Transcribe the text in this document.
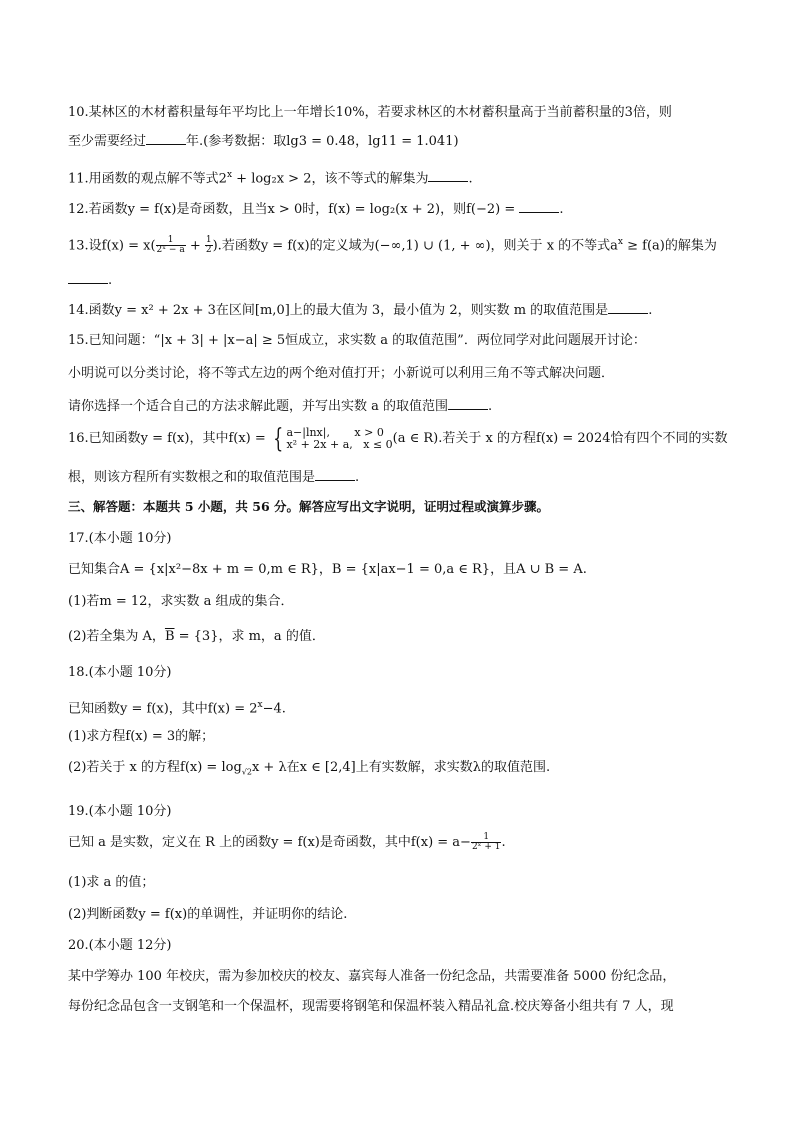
10.某林区的木材蓄积量每年平均比上一年增长10%，若要求林区的木材蓄积量高于当前蓄积量的3倍，则
至少需要经过	年.(参考数据：取lg3 = 0.48，lg11 = 1.041)
11.用函数的观点解不等式$2^x + \log_2x > 2$，该不等式的解集为	.
12.若函数y = f(x)是奇函数，且当x > 0时，f(x) = log₂(x + 2)，则f(−2) =	.
13.设$f(x) = x( \frac{1}{\text{2ˣ − a}} + \frac{1}{2}$ ).若函数y = f(x)的定义域为(−∞,1) ∪ (1, + ∞)，则关于 x 的不等式$a^x \ge f(a)$的解集为
.
14.函数y = x² + 2x + 3在区间[m,0]上的最大值为 3，最小值为 2，则实数 m 的取值范围是	.
15.已知问题：“|x + 3| + |x−a| ≥ 5恒成立，求实数 a 的取值范围”．两位同学对此问题展开讨论：
小明说可以分类讨论，将不等式左边的两个绝对值打开；小新说可以利用三角不等式解决问题．
请你选择一个适合自己的方法求解此题，并写出实数 a 的取值范围	.
16.已知函数y = f(x)，其中f(x) = { a−|lnx|,       x > 0
x² + 2x + a,   x ≤ 0 (a ∈ R).若关于 x 的方程f(x) = 2024恰有四个不同的实数
根，则该方程所有实数根之和的取值范围是	.
三、解答题：本题共 5 小题，共 56 分。解答应写出文字说明，证明过程或演算步骤。
17.(本小题 10分)
已知集合A = {x|x²−8x + m = 0,m ∈ R}，B = {x|ax−1 = 0,a ∈ R}，且A ∪ B = A.
(1)若m = 12，求实数 a 组成的集合．
(2)若全集为 A，$\overline{B} = \{3\}$，求 m，a 的值．
18.(本小题 10分)
已知函数y = f(x)，其中$f(x) = 2^x-4$.
(1)求方程f(x) = 3的解；
(2)若关于 x 的方程$f(x) = \log_{√2}x + \lambda$在x ∈ [2,4]上有实数解，求实数λ的取值范围.
19.(本小题 10分)
已知 a 是实数，定义在 R 上的函数y = f(x)是奇函数，其中$f(x) = a- \frac{1}{\text{2ˣ + 1}}$ .
(1)求 a 的值；
(2)判断函数y = f(x)的单调性，并证明你的结论.
20.(本小题 12分)
某中学筹办 100 年校庆，需为参加校庆的校友、嘉宾每人准备一份纪念品，共需要准备 5000 份纪念品，
每份纪念品包含一支钢笔和一个保温杯，现需要将钢笔和保温杯装入精品礼盒.校庆筹备小组共有 7 人，现
